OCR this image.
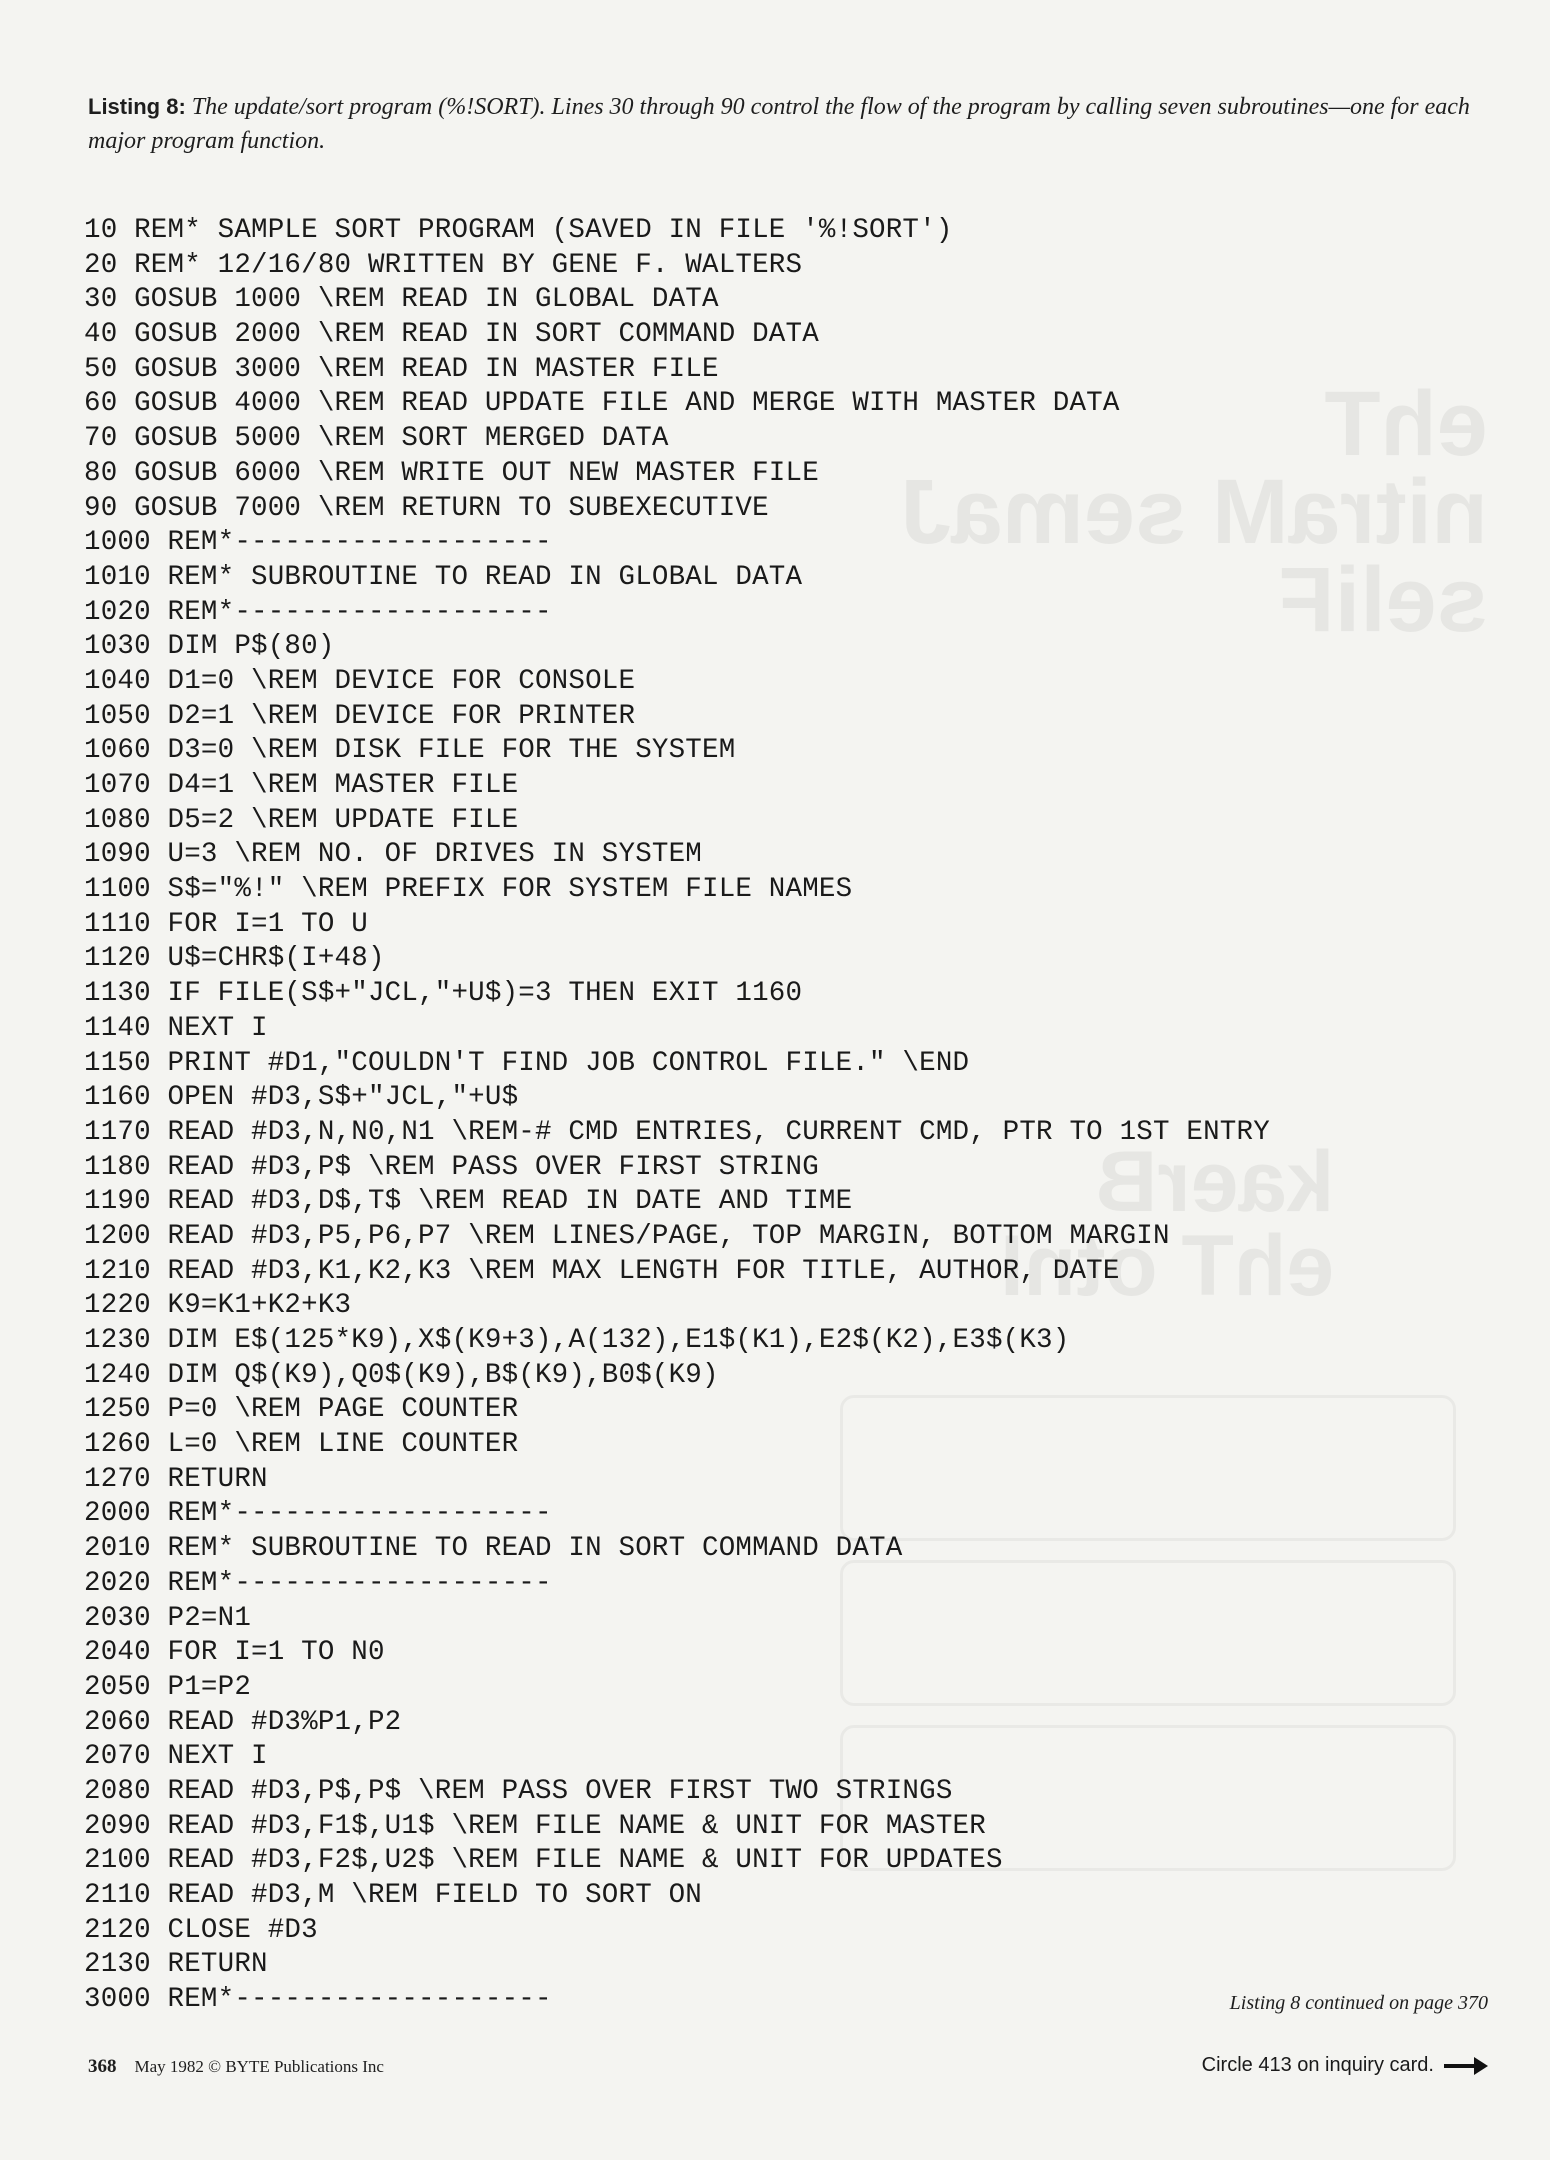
ehT
nitraM semaJ
seliF
kaerB
ehT otnI
Listing 8: The update/sort program (%!SORT). Lines 30 through 90 control the flow of the program by calling seven subroutines—one for each major program function.
10 REM* SAMPLE SORT PROGRAM (SAVED IN FILE '%!SORT')
20 REM* 12/16/80 WRITTEN BY GENE F. WALTERS
30 GOSUB 1000 \REM READ IN GLOBAL DATA
40 GOSUB 2000 \REM READ IN SORT COMMAND DATA
50 GOSUB 3000 \REM READ IN MASTER FILE
60 GOSUB 4000 \REM READ UPDATE FILE AND MERGE WITH MASTER DATA
70 GOSUB 5000 \REM SORT MERGED DATA
80 GOSUB 6000 \REM WRITE OUT NEW MASTER FILE
90 GOSUB 7000 \REM RETURN TO SUBEXECUTIVE
1000 REM*-------------------
1010 REM* SUBROUTINE TO READ IN GLOBAL DATA
1020 REM*-------------------
1030 DIM P$(80)
1040 D1=0 \REM DEVICE FOR CONSOLE
1050 D2=1 \REM DEVICE FOR PRINTER
1060 D3=0 \REM DISK FILE FOR THE SYSTEM
1070 D4=1 \REM MASTER FILE
1080 D5=2 \REM UPDATE FILE
1090 U=3 \REM NO. OF DRIVES IN SYSTEM
1100 S$="%!" \REM PREFIX FOR SYSTEM FILE NAMES
1110 FOR I=1 TO U
1120 U$=CHR$(I+48)
1130 IF FILE(S$+"JCL,"+U$)=3 THEN EXIT 1160
1140 NEXT I
1150 PRINT #D1,"COULDN'T FIND JOB CONTROL FILE." \END
1160 OPEN #D3,S$+"JCL,"+U$
1170 READ #D3,N,N0,N1 \REM-# CMD ENTRIES, CURRENT CMD, PTR TO 1ST ENTRY
1180 READ #D3,P$ \REM PASS OVER FIRST STRING
1190 READ #D3,D$,T$ \REM READ IN DATE AND TIME
1200 READ #D3,P5,P6,P7 \REM LINES/PAGE, TOP MARGIN, BOTTOM MARGIN
1210 READ #D3,K1,K2,K3 \REM MAX LENGTH FOR TITLE, AUTHOR, DATE
1220 K9=K1+K2+K3
1230 DIM E$(125*K9),X$(K9+3),A(132),E1$(K1),E2$(K2),E3$(K3)
1240 DIM Q$(K9),Q0$(K9),B$(K9),B0$(K9)
1250 P=0 \REM PAGE COUNTER
1260 L=0 \REM LINE COUNTER
1270 RETURN
2000 REM*-------------------
2010 REM* SUBROUTINE TO READ IN SORT COMMAND DATA
2020 REM*-------------------
2030 P2=N1
2040 FOR I=1 TO N0
2050 P1=P2
2060 READ #D3%P1,P2
2070 NEXT I
2080 READ #D3,P$,P$ \REM PASS OVER FIRST TWO STRINGS
2090 READ #D3,F1$,U1$ \REM FILE NAME & UNIT FOR MASTER
2100 READ #D3,F2$,U2$ \REM FILE NAME & UNIT FOR UPDATES
2110 READ #D3,M \REM FIELD TO SORT ON
2120 CLOSE #D3
2130 RETURN
3000 REM*-------------------	Listing 8 continued on page 370
368 May 1982 © BYTE Publications Inc	Circle 413 on inquiry card.
